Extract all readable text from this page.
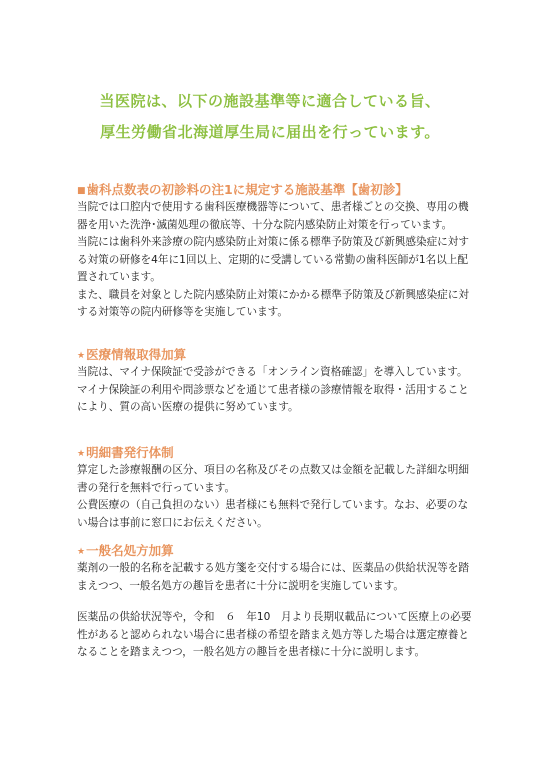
当医院は、以下の施設基準等に適合している旨、
厚生労働省北海道厚生局に届出を行っています。
■歯科点数表の初診料の注1に規定する施設基準【歯初診】

当院では口腔内で使用する歯科医療機器等について、患者様ごとの交換、専用の機器を用いた洗浄･滅菌処理の徹底等、十分な院内感染防止対策を行っています。

当院には歯科外来診療の院内感染防止対策に係る標準予防策及び新興感染症に対する対策の研修を4年に1回以上、定期的に受講している常勤の歯科医師が1名以上配置されています。

また、職員を対象とした院内感染防止対策にかかる標準予防策及び新興感染症に対する対策等の院内研修等を実施しています。

★医療情報取得加算

当院は、マイナ保険証で受診ができる「オンライン資格確認」を導入しています。

マイナ保険証の利用や問診票などを通じて患者様の診療情報を取得・活用することにより、質の高い医療の提供に努めています。

★明細書発行体制

算定した診療報酬の区分、項目の名称及びその点数又は金額を記載した詳細な明細書の発行を無料で行っています。

公費医療の（自己負担のない）患者様にも無料で発行しています。なお、必要のない場合は事前に窓口にお伝えください。

★一般名処方加算

薬剤の一般的名称を記載する処方箋を交付する場合には、医薬品の供給状況等を踏まえつつ、一般名処方の趣旨を患者に十分に説明を実施しています。

医薬品の供給状況等や，令和　６　年10　月より長期収載品について医療上の必要性があると認められない場合に患者様の希望を踏まえ処方等した場合は選定療養となることを踏まえつつ，一般名処方の趣旨を患者様に十分に説明します。
